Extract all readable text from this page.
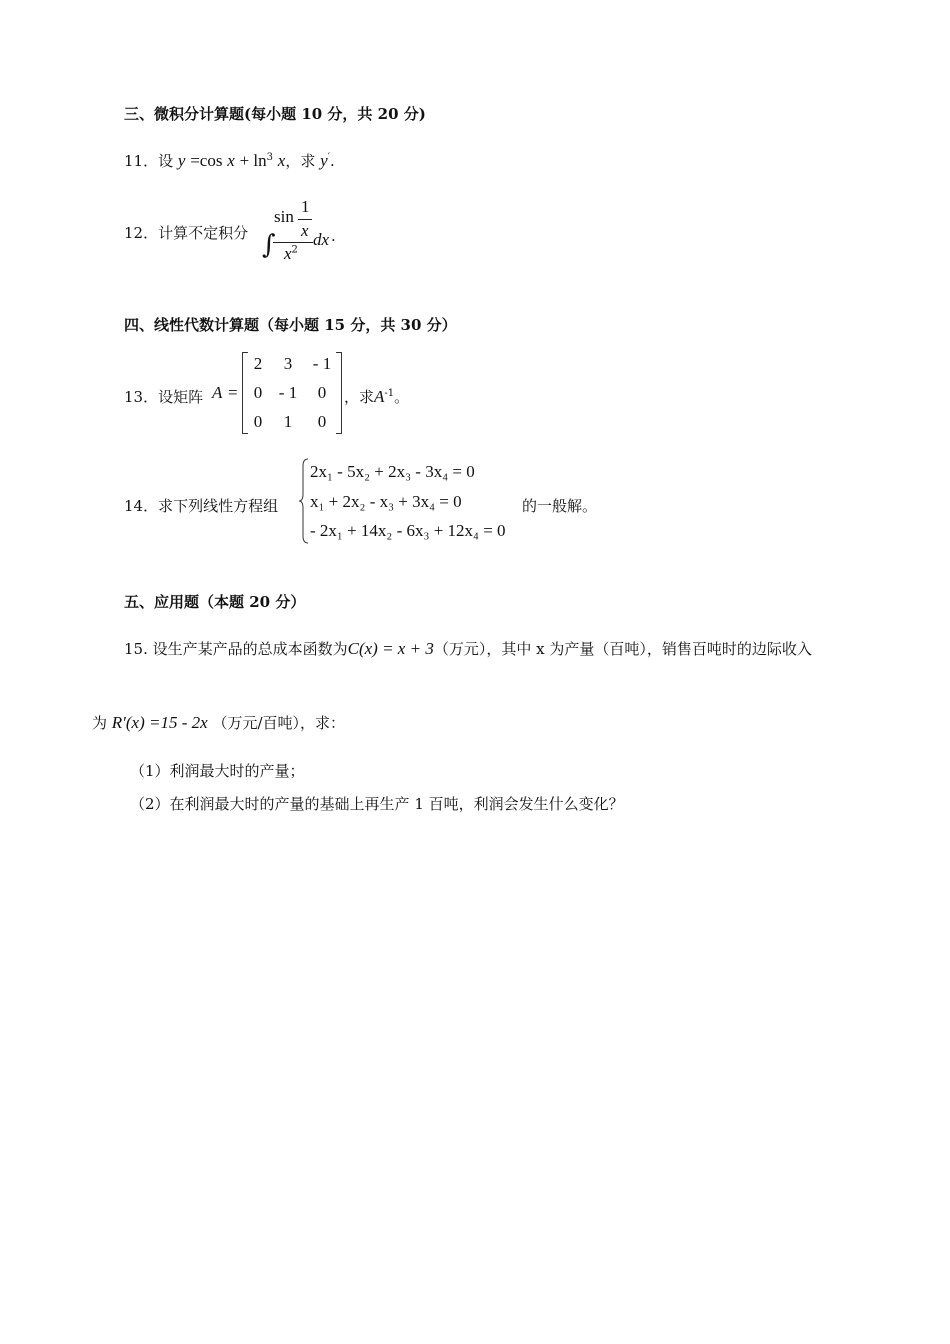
三、微积分计算题(每小题 10 分，共 20 分)
11．设 y =cos $x + \ln^3 x$，求 y′.
12．计算不定积分 ∫
sin
1
x
$x^2$
dx .
四、线性代数计算题（每小题 15 分，共 30 分）
13．设矩阵 A =
2	3	- 1
0 - 1	0
0	1	0
，求$A^{-1}$。
14．求下列线性方程组
2x₁ - 5x₂ + 2x₃ - 3x₄ = 0
x₁ + 2x₂ - x₃ + 3x₄ = 0
- 2x₁ + 14x₂ - 6x₃ + 12x₄ = 0
的一般解。
五、应用题（本题 20 分）
15. 设生产某产品的总成本函数为C(x) = x + 3（万元），其中 x 为产量（百吨），销售百吨时的边际收入
为 R′(x) =15 - 2x （万元/百吨），求：
（1）利润最大时的产量；
（2）在利润最大时的产量的基础上再生产 1 百吨，利润会发生什么变化？
